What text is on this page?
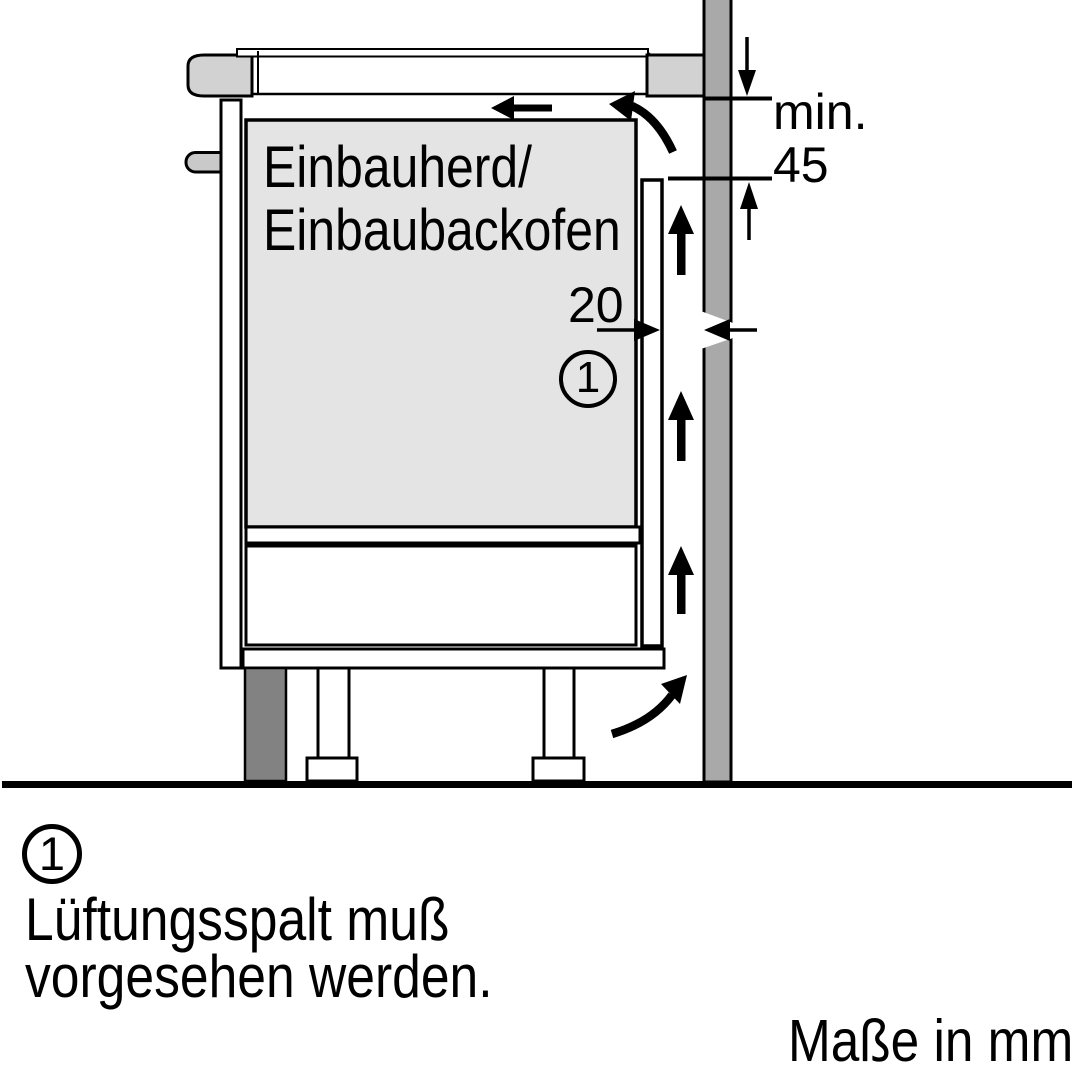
Einbauherd/
Einbaubackofen
min.
45
20
1
1
Lüftungsspalt muß
vorgesehen werden.
Maße in mm
